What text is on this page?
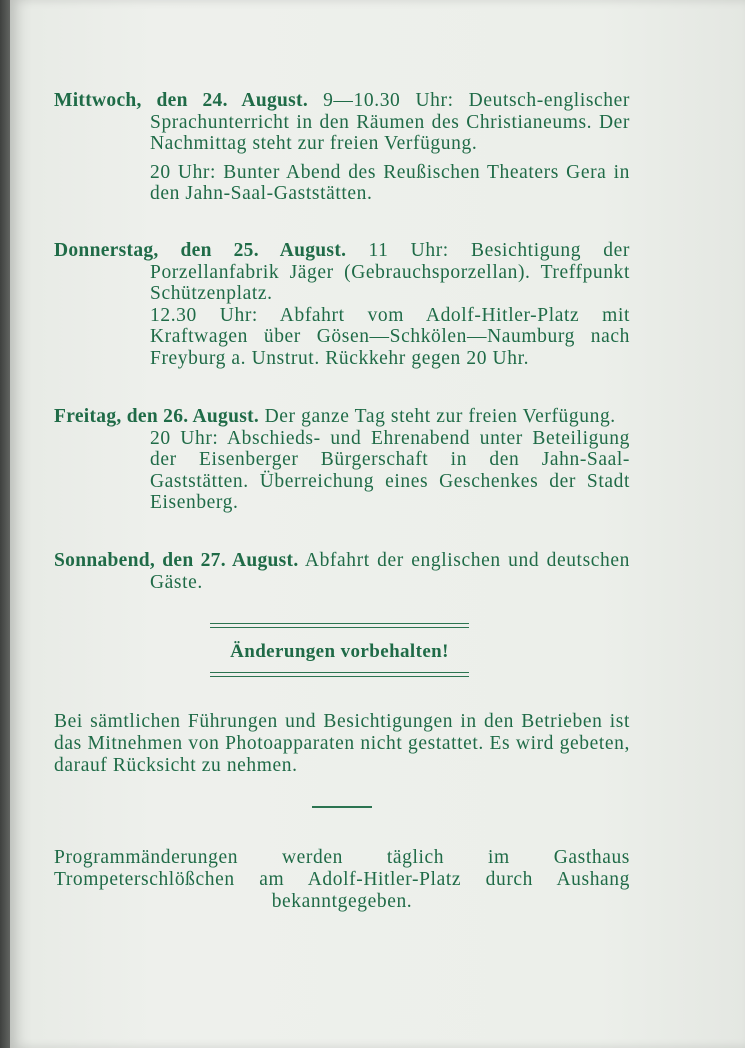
Mittwoch, den 24. August. 9—10.30 Uhr: Deutsch-englischer Sprachunterricht in den Räumen des Christianeums. Der Nachmittag steht zur freien Verfügung.

20 Uhr: Bunter Abend des Reußischen Theaters Gera in den Jahn-Saal-Gaststätten.

Donnerstag, den 25. August. 11 Uhr: Besichtigung der Porzellanfabrik Jäger (Gebrauchsporzellan). Treffpunkt Schützenplatz.

12.30 Uhr: Abfahrt vom Adolf-Hitler-Platz mit Kraftwagen über Gösen—Schkölen—Naumburg nach Freyburg a. Unstrut. Rückkehr gegen 20 Uhr.

Freitag, den 26. August. Der ganze Tag steht zur freien Verfügung.

20 Uhr: Abschieds- und Ehrenabend unter Beteiligung der Eisenberger Bürgerschaft in den Jahn-Saal-Gaststätten. Überreichung eines Geschenkes der Stadt Eisenberg.

Sonnabend, den 27. August. Abfahrt der englischen und deutschen Gäste.

Änderungen vorbehalten!

Bei sämtlichen Führungen und Besichtigungen in den Betrieben ist das Mitnehmen von Photoapparaten nicht gestattet. Es wird gebeten, darauf Rücksicht zu nehmen.

Programmänderungen werden täglich im Gasthaus Trompeterschlößchen am Adolf-Hitler-Platz durch Aushang bekanntgegeben.
